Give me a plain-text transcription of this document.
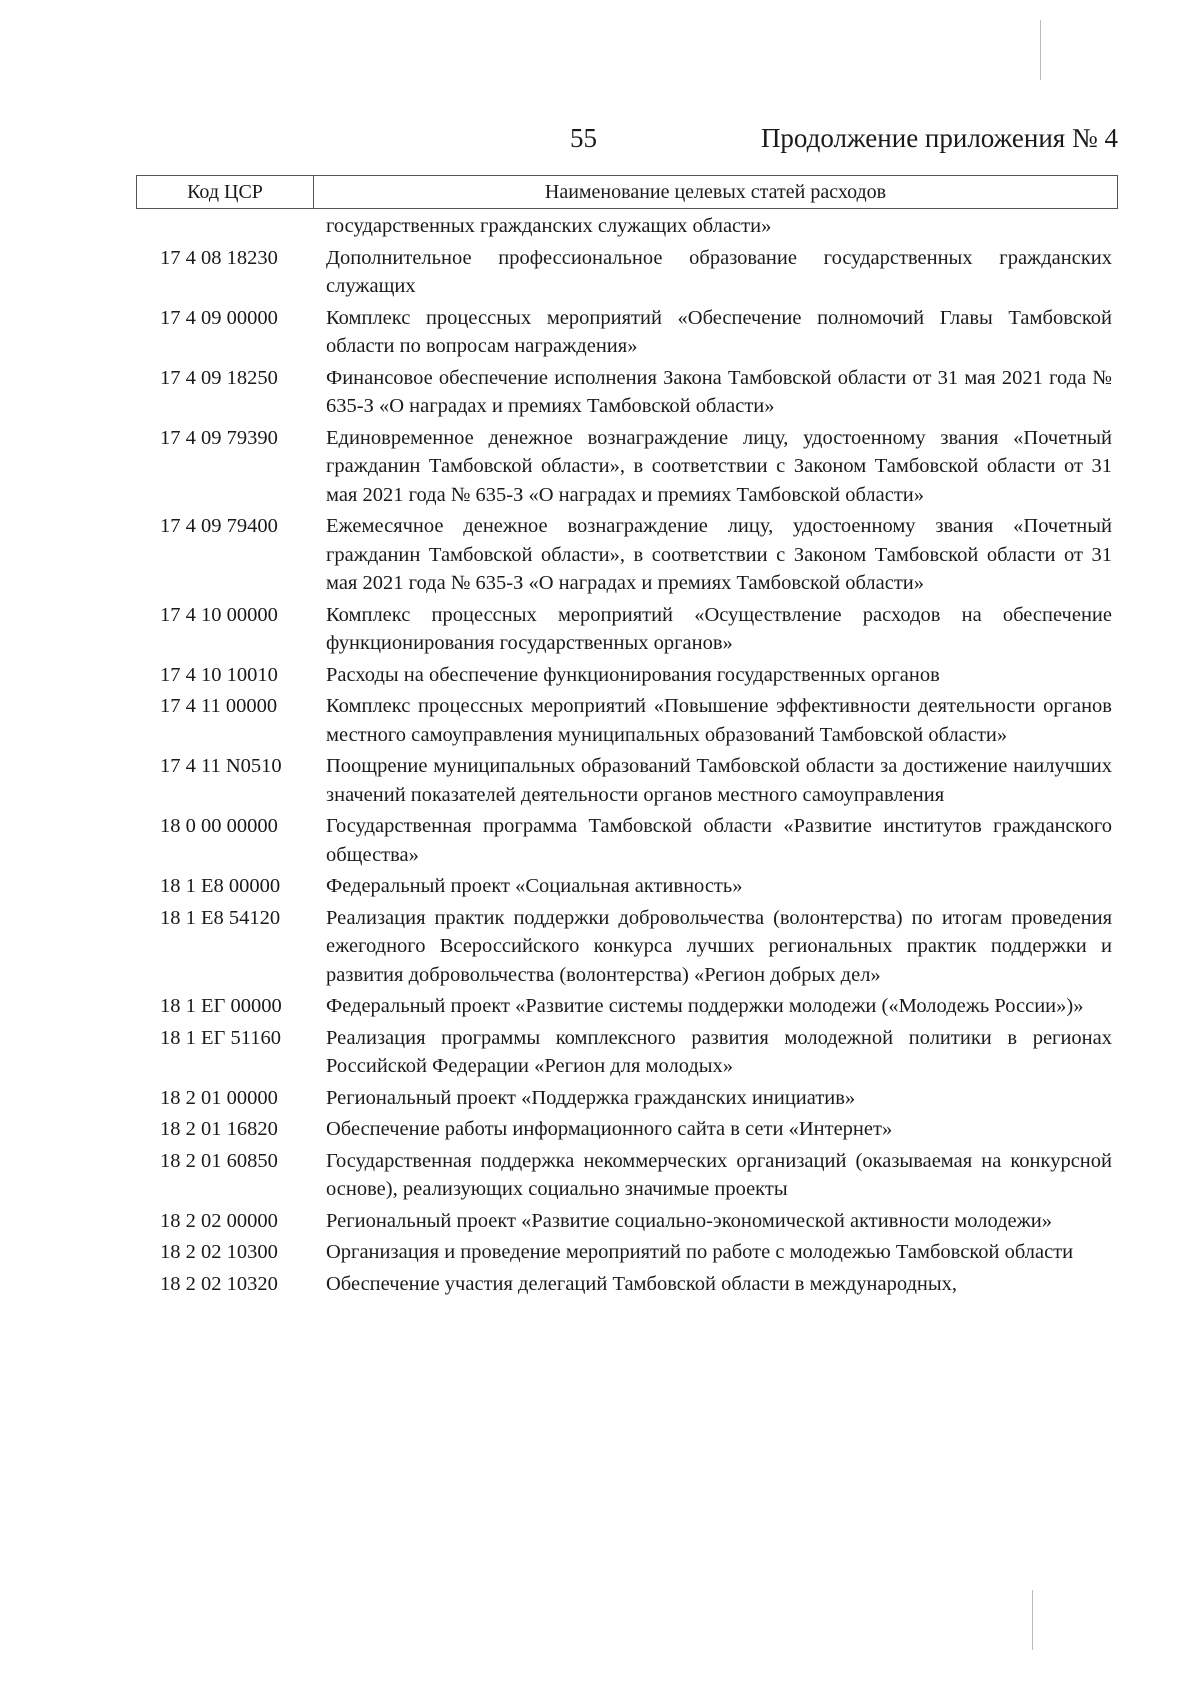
55	Продолжение приложения № 4
Код ЦСР	Наименование целевых статей расходов
государственных гражданских служащих области»
17 4 08 18230	Дополнительное профессиональное образование государственных гражданских служащих
17 4 09 00000	Комплекс процессных мероприятий «Обеспечение полномочий Главы Тамбовской области по вопросам награждения»
17 4 09 18250	Финансовое обеспечение исполнения Закона Тамбовской области от 31 мая 2021 года № 635-З «О наградах и премиях Тамбовской области»
17 4 09 79390	Единовременное денежное вознаграждение лицу, удостоенному звания «Почетный гражданин Тамбовской области», в соответствии с Законом Тамбовской области от 31 мая 2021 года № 635-З «О наградах и премиях Тамбовской области»
17 4 09 79400	Ежемесячное денежное вознаграждение лицу, удостоенному звания «Почетный гражданин Тамбовской области», в соответствии с Законом Тамбовской области от 31 мая 2021 года № 635-З «О наградах и премиях Тамбовской области»
17 4 10 00000	Комплекс процессных мероприятий «Осуществление расходов на обеспечение функционирования государственных органов»
17 4 10 10010	Расходы на обеспечение функционирования государственных органов
17 4 11 00000	Комплекс процессных мероприятий «Повышение эффективности деятельности органов местного самоуправления муниципальных образований Тамбовской области»
17 4 11 N0510	Поощрение муниципальных образований Тамбовской области за достижение наилучших значений показателей деятельности органов местного самоуправления
18 0 00 00000	Государственная программа Тамбовской области «Развитие институтов гражданского общества»
18 1 E8 00000	Федеральный проект «Социальная активность»
18 1 E8 54120	Реализация практик поддержки добровольчества (волонтерства) по итогам проведения ежегодного Всероссийского конкурса лучших региональных практик поддержки и развития добровольчества (волонтерства) «Регион добрых дел»
18 1 ЕГ 00000	Федеральный проект «Развитие системы поддержки молодежи («Молодежь России»)»
18 1 ЕГ 51160	Реализация программы комплексного развития молодежной политики в регионах Российской Федерации «Регион для молодых»
18 2 01 00000	Региональный проект «Поддержка гражданских инициатив»
18 2 01 16820	Обеспечение работы информационного сайта в сети «Интернет»
18 2 01 60850	Государственная поддержка некоммерческих организаций (оказываемая на конкурсной основе), реализующих социально значимые проекты
18 2 02 00000	Региональный проект «Развитие социально-экономической активности молодежи»
18 2 02 10300	Организация и проведение мероприятий по работе с молодежью Тамбовской области
18 2 02 10320	Обеспечение участия делегаций Тамбовской области в международных,
